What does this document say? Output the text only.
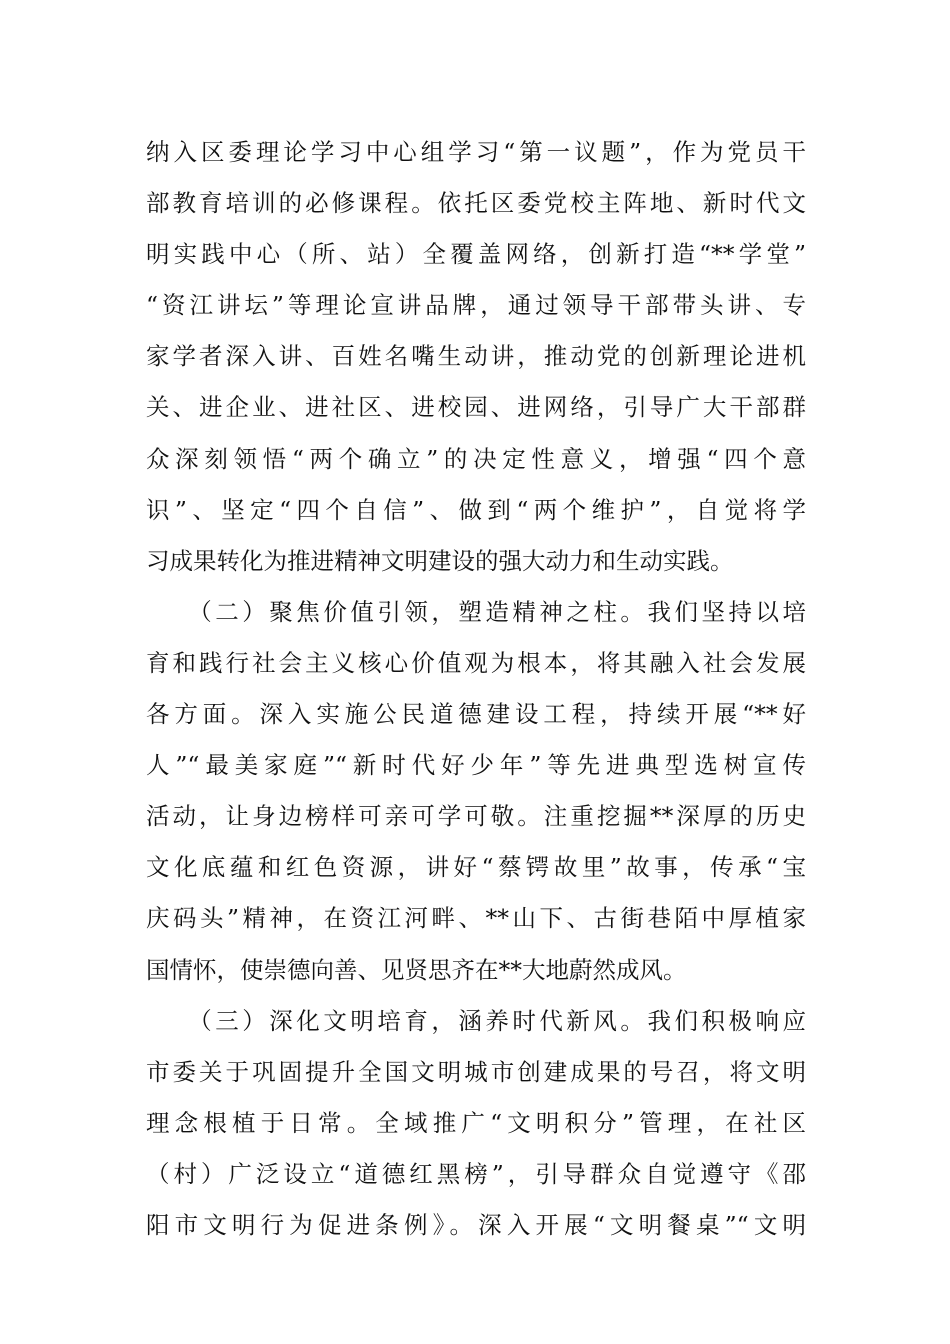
纳入区委理论学习中心组学习“第一议题”，作为党员干
部教育培训的必修课程。依托区委党校主阵地、新时代文
明实践中心（所、站）全覆盖网络，创新打造“**学堂”
“资江讲坛”等理论宣讲品牌，通过领导干部带头讲、专
家学者深入讲、百姓名嘴生动讲，推动党的创新理论进机
关、进企业、进社区、进校园、进网络，引导广大干部群
众深刻领悟“两个确立”的决定性意义，增强“四个意
识”、坚定“四个自信”、做到“两个维护”，自觉将学
习成果转化为推进精神文明建设的强大动力和生动实践。
　　（二）聚焦价值引领，塑造精神之柱。我们坚持以培
育和践行社会主义核心价值观为根本，将其融入社会发展
各方面。深入实施公民道德建设工程，持续开展“**好
人”“最美家庭”“新时代好少年”等先进典型选树宣传
活动，让身边榜样可亲可学可敬。注重挖掘**深厚的历史
文化底蕴和红色资源，讲好“蔡锷故里”故事，传承“宝
庆码头”精神，在资江河畔、**山下、古街巷陌中厚植家
国情怀，使崇德向善、见贤思齐在**大地蔚然成风。
　　（三）深化文明培育，涵养时代新风。我们积极响应
市委关于巩固提升全国文明城市创建成果的号召，将文明
理念根植于日常。全域推广“文明积分”管理，在社区
（村）广泛设立“道德红黑榜”，引导群众自觉遵守《邵
阳市文明行为促进条例》。深入开展“文明餐桌”“文明
